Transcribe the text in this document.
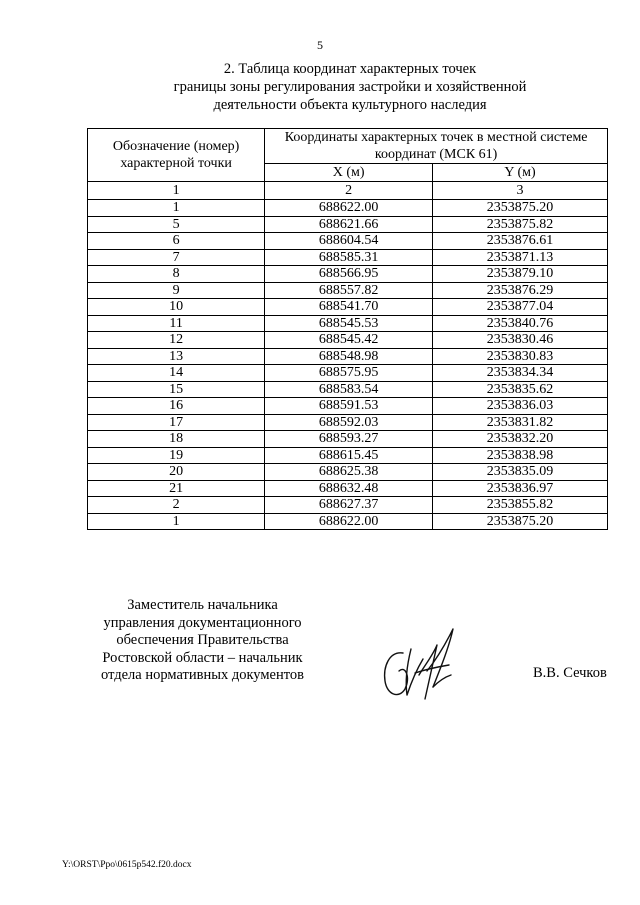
5
2. Таблица координат характерных точек
границы зоны регулирования застройки и хозяйственной
деятельности объекта культурного наследия
Обозначение (номер) характерной точки	Координаты характерных точек в местной системе координат (МСК 61)	
	X (м)	Y (м)
1	2	3
1	688622.00	2353875.20
5	688621.66	2353875.82
6	688604.54	2353876.61
7	688585.31	2353871.13
8	688566.95	2353879.10
9	688557.82	2353876.29
10	688541.70	2353877.04
11	688545.53	2353840.76
12	688545.42	2353830.46
13	688548.98	2353830.83
14	688575.95	2353834.34
15	688583.54	2353835.62
16	688591.53	2353836.03
17	688592.03	2353831.82
18	688593.27	2353832.20
19	688615.45	2353838.98
20	688625.38	2353835.09
21	688632.48	2353836.97
2	688627.37	2353855.82
1	688622.00	2353875.20
Заместитель начальника
управления документационного
обеспечения Правительства
Ростовской области – начальник
отдела нормативных документов	В.В. Сечков
Y:\ORST\Ppo\0615p542.f20.docx
